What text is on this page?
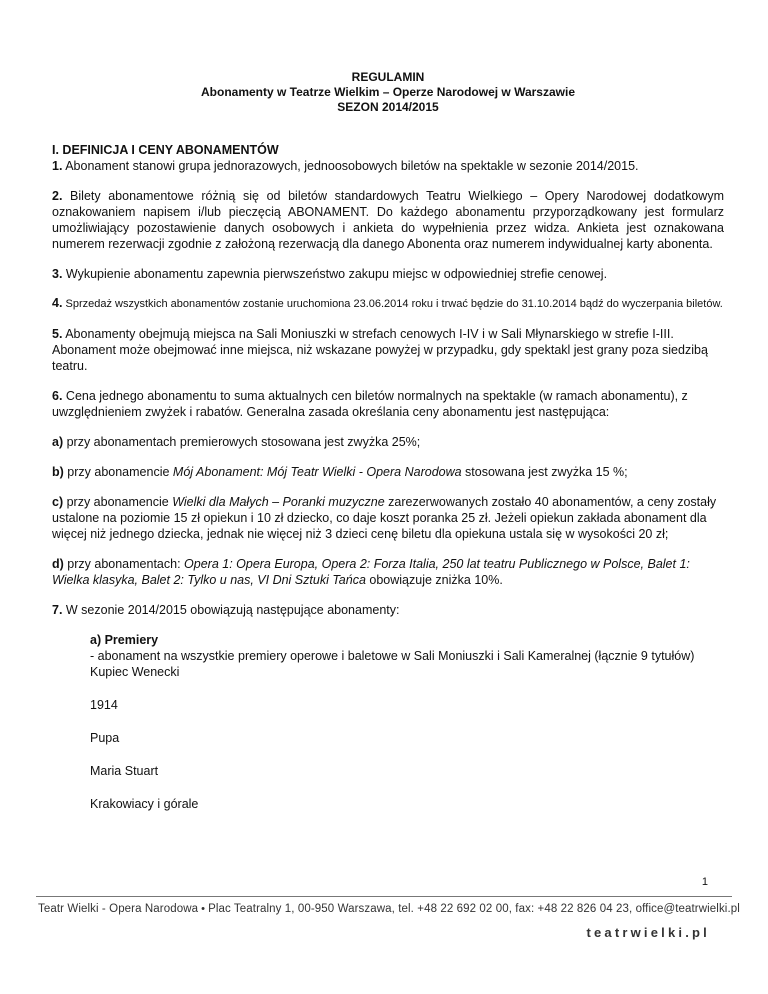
REGULAMIN
Abonamenty w Teatrze Wielkim – Operze Narodowej w Warszawie
SEZON 2014/2015
I. DEFINICJA I CENY ABONAMENTÓW

1. Abonament stanowi grupa jednorazowych, jednoosobowych biletów na spektakle w sezonie 2014/2015.

2. Bilety abonamentowe różnią się od biletów standardowych Teatru Wielkiego – Opery Narodowej dodatkowym oznakowaniem napisem i/lub pieczęcią ABONAMENT. Do każdego abonamentu przyporządkowany jest formularz umożliwiający pozostawienie danych osobowych i ankieta do wypełnienia przez widza. Ankieta jest oznakowana numerem rezerwacji zgodnie z założoną rezerwacją dla danego Abonenta oraz numerem indywidualnej karty abonenta.

3. Wykupienie abonamentu zapewnia pierwszeństwo zakupu miejsc w odpowiedniej strefie cenowej.

4. Sprzedaż wszystkich abonamentów zostanie uruchomiona 23.06.2014 roku i trwać będzie do 31.10.2014 bądź do wyczerpania biletów.

5. Abonamenty obejmują miejsca na Sali Moniuszki w strefach cenowych I-IV i w Sali Młynarskiego w strefie I-III. Abonament może obejmować inne miejsca, niż wskazane powyżej w przypadku, gdy spektakl jest grany poza siedzibą teatru.

6. Cena jednego abonamentu to suma aktualnych cen biletów normalnych na spektakle (w ramach abonamentu), z uwzględnieniem zwyżek i rabatów. Generalna zasada określania ceny abonamentu jest następująca:

a) przy abonamentach premierowych stosowana jest zwyżka 25%;

b) przy abonamencie Mój Abonament: Mój Teatr Wielki - Opera Narodowa stosowana jest zwyżka 15 %;

c) przy abonamencie Wielki dla Małych – Poranki muzyczne zarezerwowanych zostało 40 abonamentów, a ceny zostały ustalone na poziomie 15 zł opiekun i 10 zł dziecko, co daje koszt poranka 25 zł. Jeżeli opiekun zakłada abonament dla więcej niż jednego dziecka, jednak nie więcej niż 3 dzieci cenę biletu dla opiekuna ustala się w wysokości 20 zł;

d) przy abonamentach: Opera 1: Opera Europa, Opera 2: Forza Italia, 250 lat teatru Publicznego w Polsce, Balet 1: Wielka klasyka, Balet 2: Tylko u nas, VI Dni Sztuki Tańca obowiązuje zniżka 10%.

7. W sezonie 2014/2015 obowiązują następujące abonamenty:

a) Premiery
- abonament na wszystkie premiery operowe i baletowe w Sali Moniuszki i Sali Kameralnej (łącznie 9 tytułów)
Kupiec Wenecki
1914
Pupa
Maria Stuart
Krakowiacy i górale
1
Teatr Wielki - Opera Narodowa • Plac Teatralny 1, 00-950 Warszawa, tel. +48 22 692 02 00, fax: +48 22 826 04 23, office@teatrwielki.pl
teatrwielki.pl
